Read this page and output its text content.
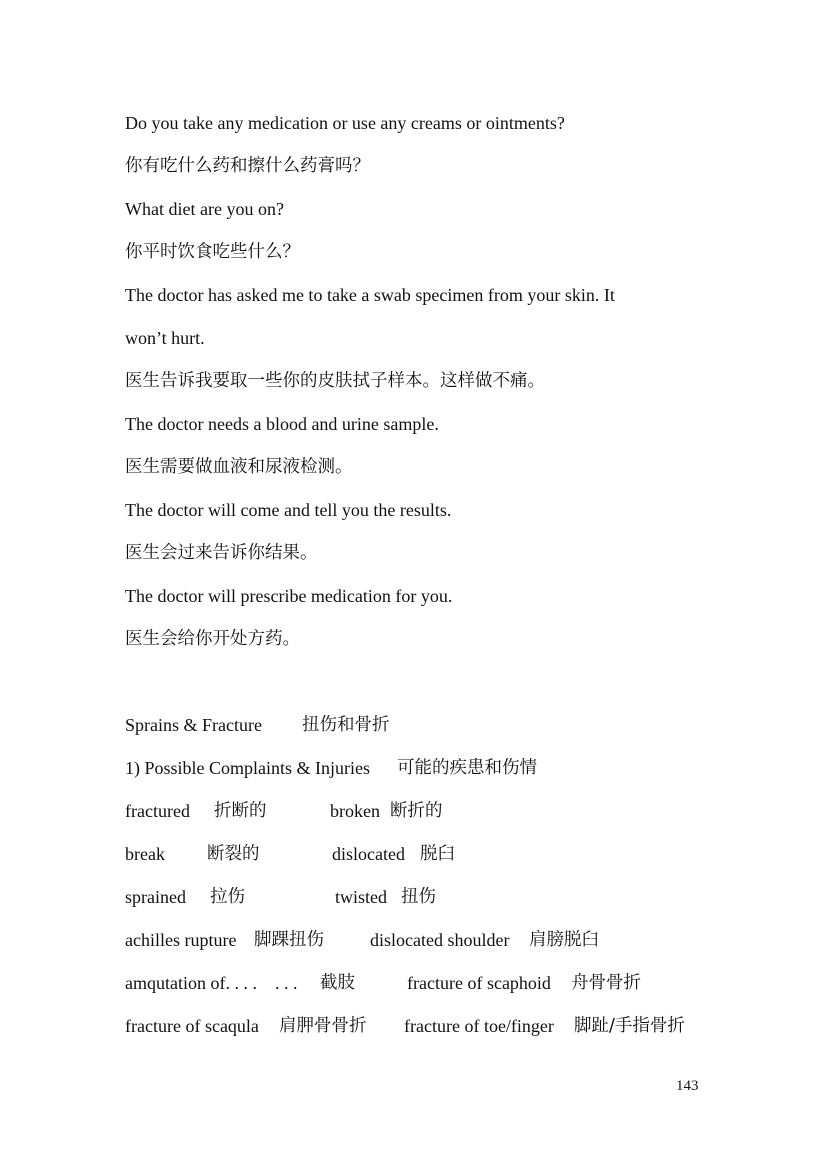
Do you take any medication or use any creams or ointments?
你有吃什么药和擦什么药膏吗？
What diet are you on?
你平时饮食吃些什么？
The doctor has asked me to take a swab specimen from your skin. It
won’t hurt.
医生告诉我要取一些你的皮肤拭子样本。这样做不痛。
The doctor needs a blood and urine sample.
医生需要做血液和尿液检测。
The doctor will come and tell you the results.
医生会过来告诉你结果。
The doctor will prescribe medication for you.
医生会给你开处方药。
Sprains & Fracture 扭伤和骨折
1) Possible Complaints & Injuries 可能的疾患和伤情
fractured 折断的	broken 断折的
break 断裂的	dislocated 脱臼
sprained 拉伤	twisted 扭伤
achilles rupture 脚踝扭伤	dislocated shoulder 肩膀脱臼
amqutation of. . . .    . . . 截肢	fracture of scaphoid 舟骨骨折
fracture of scaqula 肩胛骨骨折 fracture of toe/finger 脚趾/手指骨折
143
